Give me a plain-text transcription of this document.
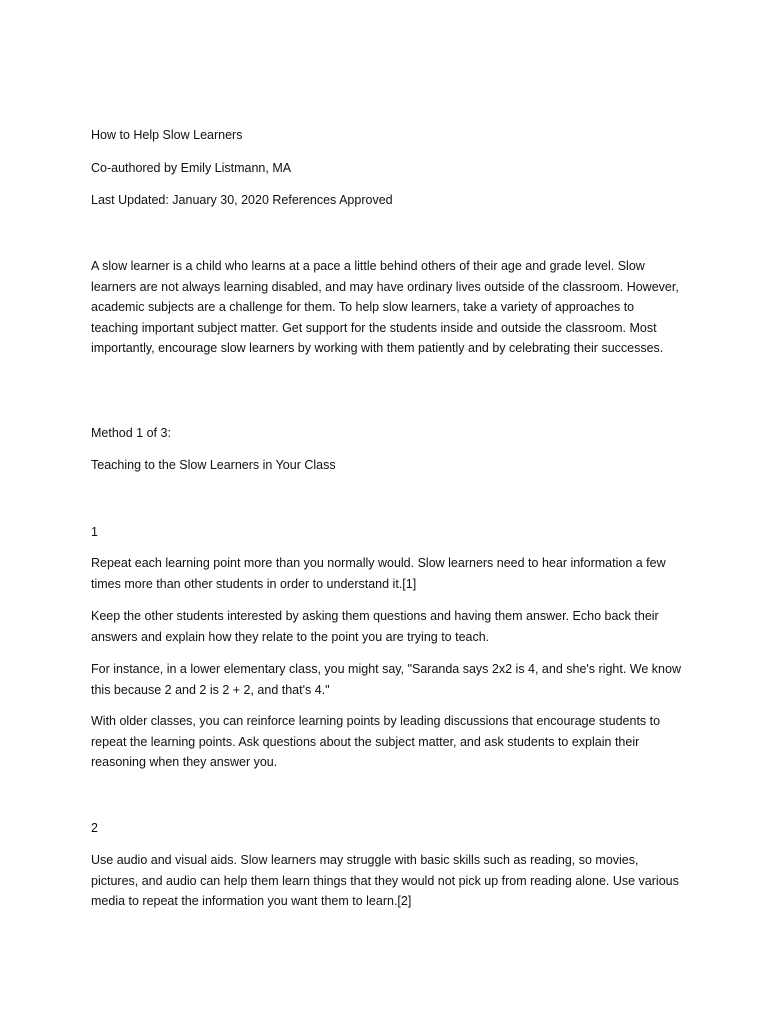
How to Help Slow Learners

Co-authored by Emily Listmann, MA

Last Updated: January 30, 2020 References Approved

A slow learner is a child who learns at a pace a little behind others of their age and grade level. Slow learners are not always learning disabled, and may have ordinary lives outside of the classroom. However, academic subjects are a challenge for them. To help slow learners, take a variety of approaches to teaching important subject matter. Get support for the students inside and outside the classroom. Most importantly, encourage slow learners by working with them patiently and by celebrating their successes.

Method 1 of 3:

Teaching to the Slow Learners in Your Class

1

Repeat each learning point more than you normally would. Slow learners need to hear information a few times more than other students in order to understand it.[1]

Keep the other students interested by asking them questions and having them answer. Echo back their answers and explain how they relate to the point you are trying to teach.

For instance, in a lower elementary class, you might say, "Saranda says 2x2 is 4, and she's right. We know this because 2 and 2 is 2 + 2, and that's 4."

With older classes, you can reinforce learning points by leading discussions that encourage students to repeat the learning points. Ask questions about the subject matter, and ask students to explain their reasoning when they answer you.

2

Use audio and visual aids. Slow learners may struggle with basic skills such as reading, so movies, pictures, and audio can help them learn things that they would not pick up from reading alone. Use various media to repeat the information you want them to learn.[2]
